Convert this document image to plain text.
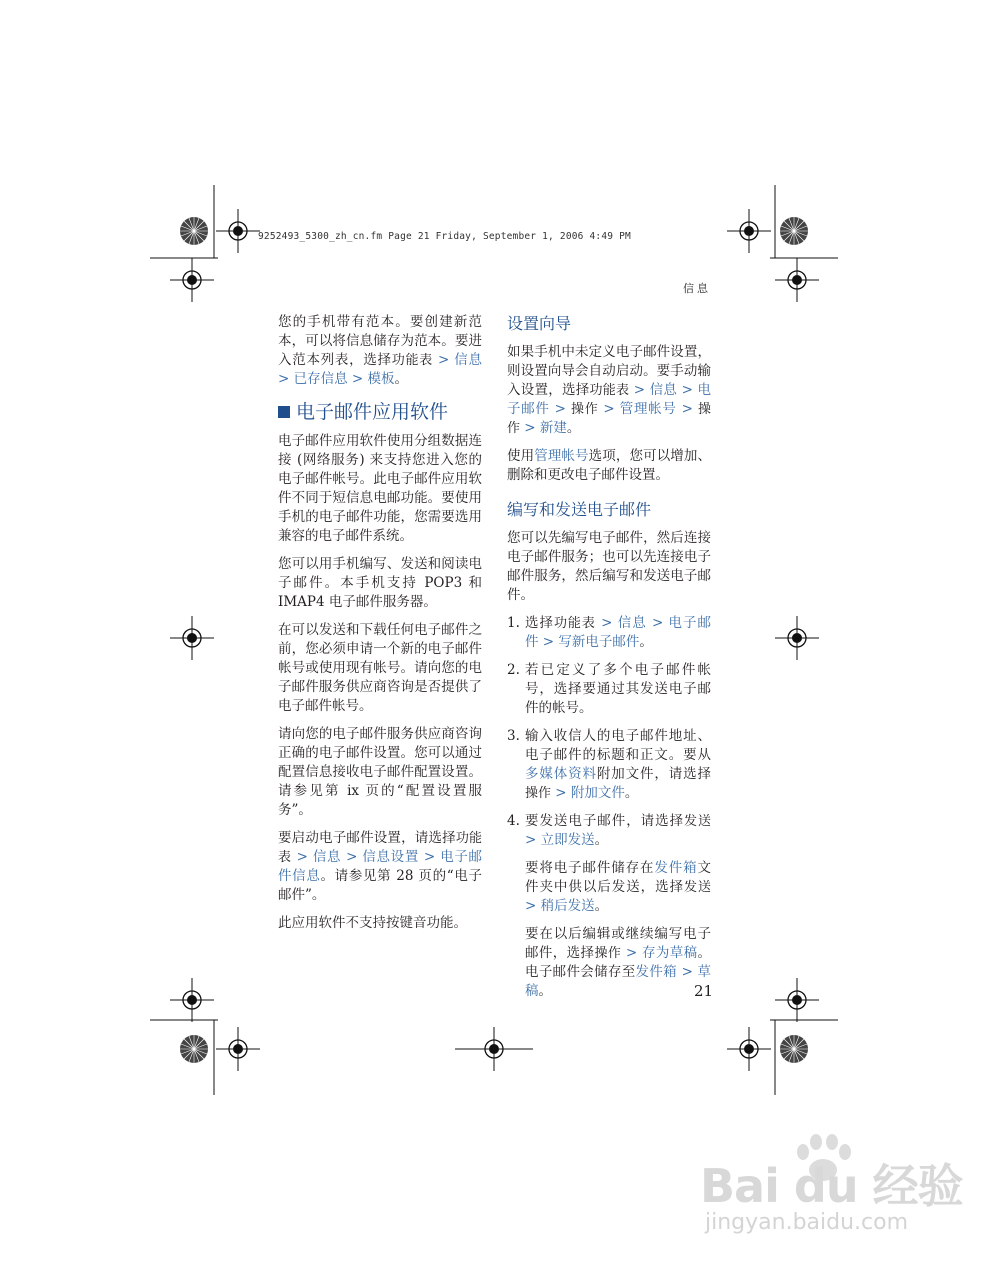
9252493_5300_zh_cn.fm Page 21 Friday, September 1, 2006 4:49 PM
信息

您的手机带有范本。要创建新范本，可以将信息储存为范本。要进入范本列表，选择功能表 > 信息 > 已存信息 > 模板。

电子邮件应用软件

电子邮件应用软件使用分组数据连接 (网络服务) 来支持您进入您的电子邮件帐号。此电子邮件应用软件不同于短信息电邮功能。要使用手机的电子邮件功能，您需要选用兼容的电子邮件系统。

您可以用手机编写、发送和阅读电子邮件。本手机支持 POP3 和 IMAP4 电子邮件服务器。

在可以发送和下载任何电子邮件之前，您必须申请一个新的电子邮件帐号或使用现有帐号。请向您的电子邮件服务供应商咨询是否提供了电子邮件帐号。

请向您的电子邮件服务供应商咨询正确的电子邮件设置。您可以通过配置信息接收电子邮件配置设置。请参见第 ix 页的“配置设置服务”。

要启动电子邮件设置，请选择功能表 > 信息 > 信息设置 > 电子邮件信息。请参见第 28 页的“电子邮件”。

此应用软件不支持按键音功能。

设置向导

如果手机中未定义电子邮件设置，则设置向导会自动启动。要手动输入设置，选择功能表 > 信息 > 电子邮件 > 操作 > 管理帐号 > 操作 > 新建。

使用管理帐号选项，您可以增加、删除和更改电子邮件设置。

编写和发送电子邮件

您可以先编写电子邮件，然后连接电子邮件服务；也可以先连接电子邮件服务，然后编写和发送电子邮件。

1. 选择功能表 > 信息 > 电子邮件 > 写新电子邮件。
2. 若已定义了多个电子邮件帐号，选择要通过其发送电子邮件的帐号。
3. 输入收信人的电子邮件地址、电子邮件的标题和正文。要从多媒体资料附加文件，请选择操作 > 附加文件。
4. 要发送电子邮件，请选择发送 > 立即发送。

要将电子邮件储存在发件箱文件夹中供以后发送，选择发送 > 稍后发送。

要在以后编辑或继续编写电子邮件，选择操作 > 存为草稿。电子邮件会储存至发件箱 > 草稿。	21
Bai du 经验
jingyan.baidu.com
